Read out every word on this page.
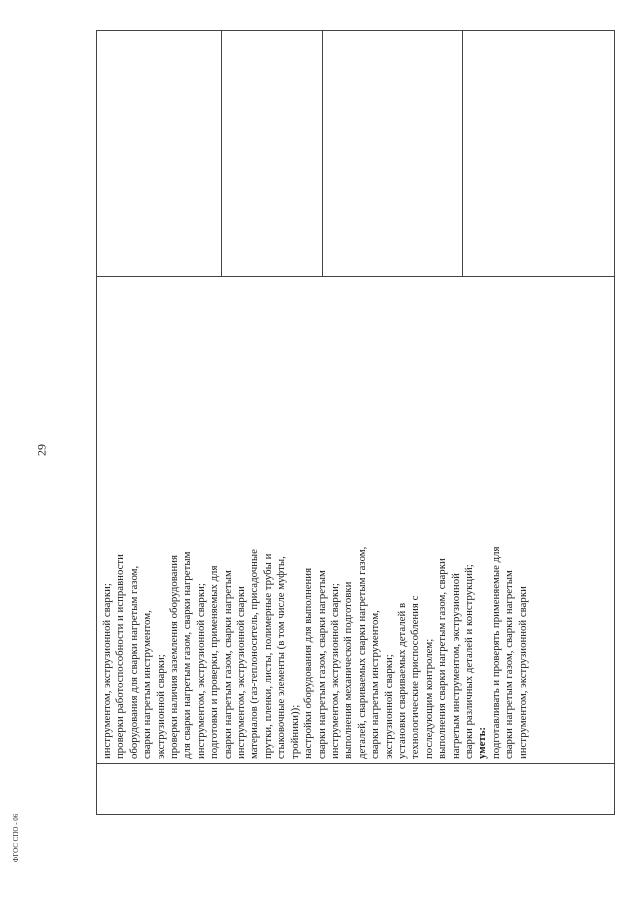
29
инструментом, экструзионной сварки; проверки работоспособности и исправности оборудования для сварки нагретым газом, сварки нагретым инструментом, экструзионной сварки; проверки наличия заземления оборудования для сварки нагретым газом, сварки нагретым инструментом, экструзионной сварки; подготовки и проверки, применяемых для сварки нагретым газом, сварки нагретым инструментом, экструзионной сварки материалов (газ-теплоноситель, присадочные прутки, пленки, листы, полимерные трубы и стыковочные элементы (в том числе муфты, тройники)); настройки оборудования для выполнения сварки нагретым газом, сварки нагретым инструментом, экструзионной сварки; выполнения механической подготовки деталей, свариваемых сварки нагретым газом, сварки нагретым инструментом, экструзионной сварки; установки свариваемых деталей в технологические приспособления с последующим контролем; выполнения сварки нагретым газом, сварки нагретым инструментом, экструзионной сварки различных деталей и конструкций; уметь: подготавливать и проверять применяемые для сварки нагретым газом, сварки нагретым инструментом, экструзионной сварки
ФГОС СПО - 06
